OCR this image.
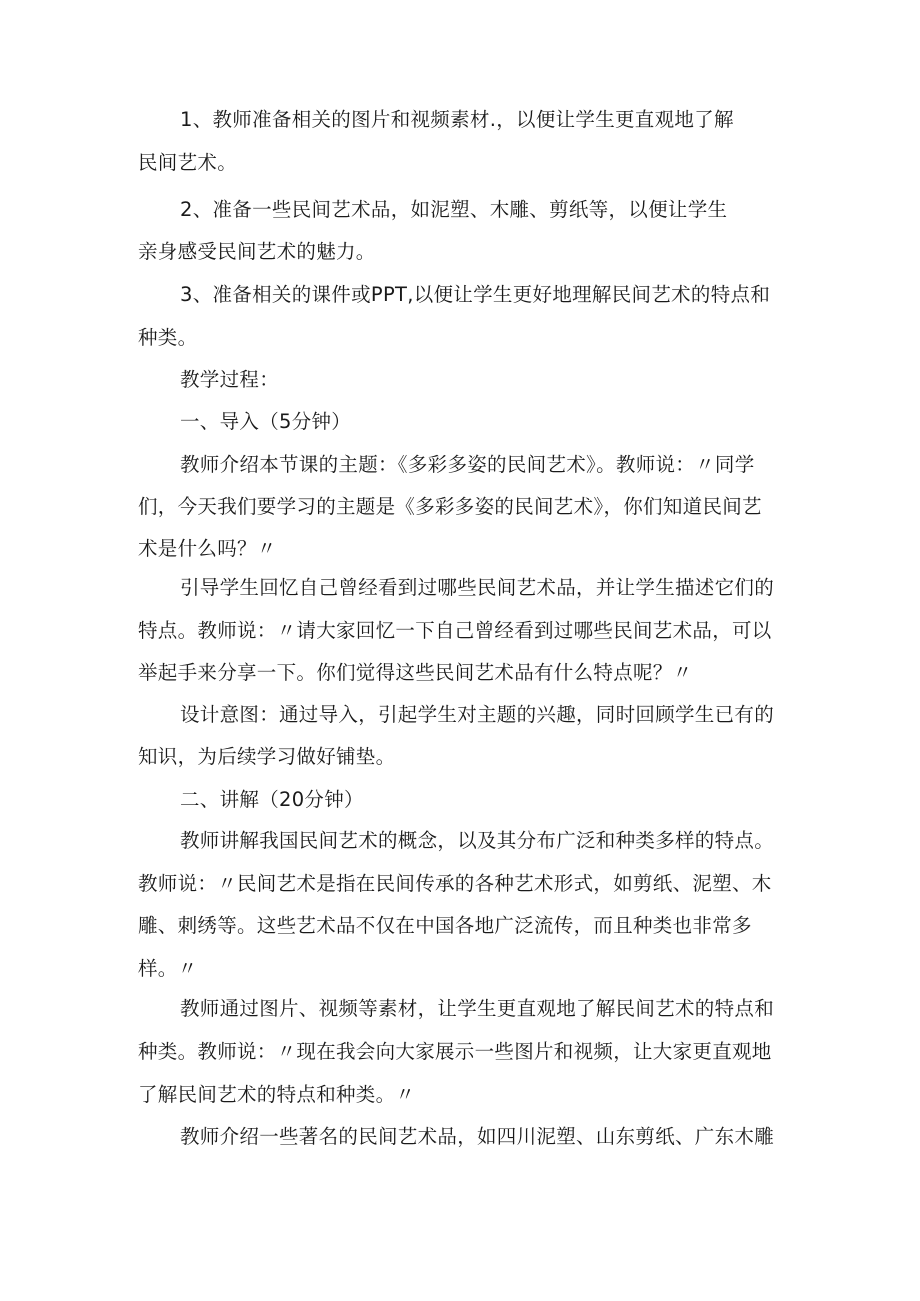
1、教师准备相关的图片和视频素材.，以便让学生更直观地了解
民间艺术。
2、准备一些民间艺术品，如泥塑、木雕、剪纸等，以便让学生
亲身感受民间艺术的魅力。
3、准备相关的课件或PPT,以便让学生更好地理解民间艺术的特点和
种类。
教学过程：
一、导入（5分钟）
教师介绍本节课的主题：《多彩多姿的民间艺术》。教师说：〃同学
们，今天我们要学习的主题是《多彩多姿的民间艺术》，你们知道民间艺
术是什么吗？〃
引导学生回忆自己曾经看到过哪些民间艺术品，并让学生描述它们的
特点。教师说：〃请大家回忆一下自己曾经看到过哪些民间艺术品，可以
举起手来分享一下。你们觉得这些民间艺术品有什么特点呢？〃
设计意图：通过导入，引起学生对主题的兴趣，同时回顾学生已有的
知识，为后续学习做好铺垫。
二、讲解（20分钟）
教师讲解我国民间艺术的概念，以及其分布广泛和种类多样的特点。
教师说：〃民间艺术是指在民间传承的各种艺术形式，如剪纸、泥塑、木
雕、刺绣等。这些艺术品不仅在中国各地广泛流传，而且种类也非常多
样。〃
教师通过图片、视频等素材，让学生更直观地了解民间艺术的特点和
种类。教师说：〃现在我会向大家展示一些图片和视频，让大家更直观地
了解民间艺术的特点和种类。〃
教师介绍一些著名的民间艺术品，如四川泥塑、山东剪纸、广东木雕
